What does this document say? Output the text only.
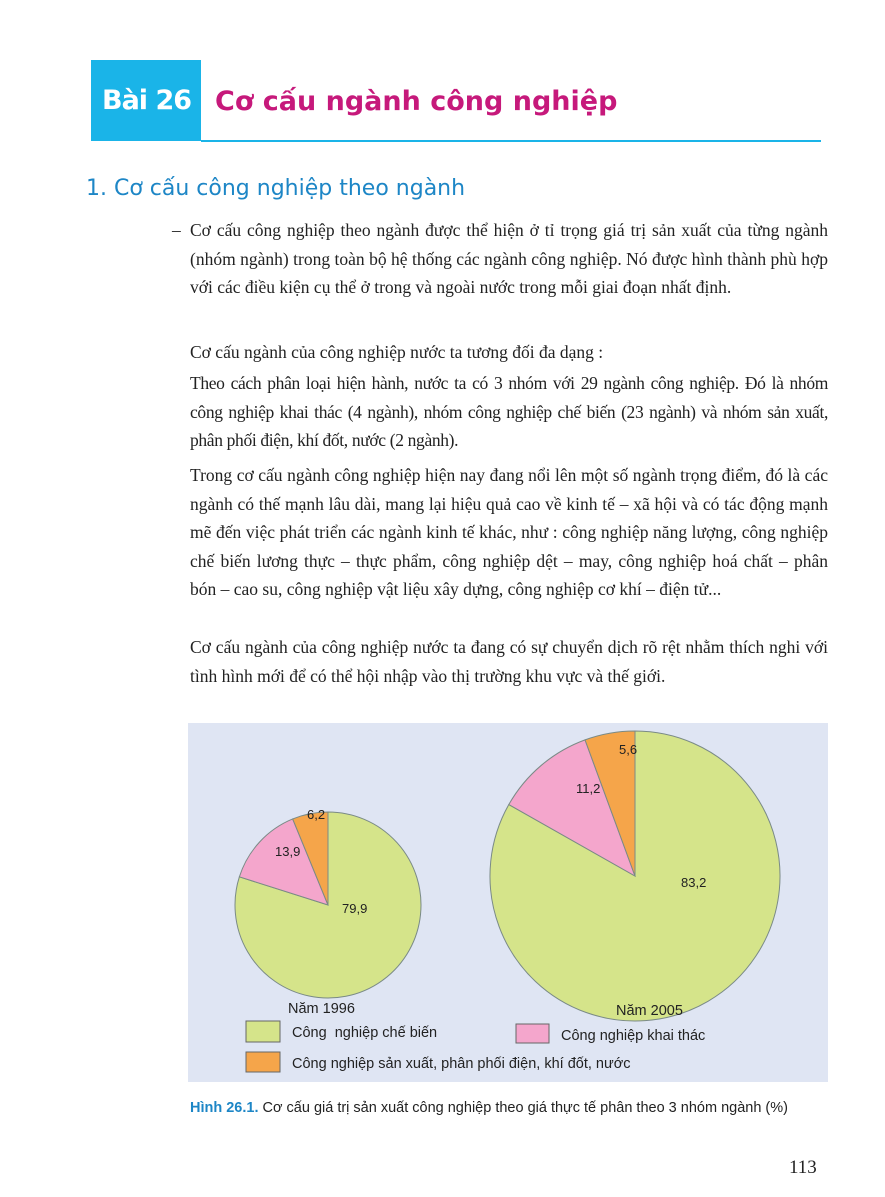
Bài 26 Cơ cấu ngành công nghiệp
1. Cơ cấu công nghiệp theo ngành
– Cơ cấu công nghiệp theo ngành được thể hiện ở tỉ trọng giá trị sản xuất của từng ngành (nhóm ngành) trong toàn bộ hệ thống các ngành công nghiệp. Nó được hình thành phù hợp với các điều kiện cụ thể ở trong và ngoài nước trong mỗi giai đoạn nhất định.

Cơ cấu ngành của công nghiệp nước ta tương đối đa dạng :

Theo cách phân loại hiện hành, nước ta có 3 nhóm với 29 ngành công nghiệp. Đó là nhóm công nghiệp khai thác (4 ngành), nhóm công nghiệp chế biến (23 ngành) và nhóm sản xuất, phân phối điện, khí đốt, nước (2 ngành).

Trong cơ cấu ngành công nghiệp hiện nay đang nổi lên một số ngành trọng điểm, đó là các ngành có thế mạnh lâu dài, mang lại hiệu quả cao về kinh tế – xã hội và có tác động mạnh mẽ đến việc phát triển các ngành kinh tế khác, như : công nghiệp năng lượng, công nghiệp chế biến lương thực – thực phẩm, công nghiệp dệt – may, công nghiệp hoá chất – phân bón – cao su, công nghiệp vật liệu xây dựng, công nghiệp cơ khí – điện tử...

Cơ cấu ngành của công nghiệp nước ta đang có sự chuyển dịch rõ rệt nhằm thích nghi với tình hình mới để có thể hội nhập vào thị trường khu vực và thế giới.

79,9
13,9
6,2
Năm 1996
83,2
11,2
5,6
Năm 2005
Công  nghiệp chế biến	Công nghiệp khai thác
Công nghiệp sản xuất, phân phối điện, khí đốt, nước

Hình 26.1. Cơ cấu giá trị sản xuất công nghiệp theo giá thực tế phân theo 3 nhóm ngành (%)

113
